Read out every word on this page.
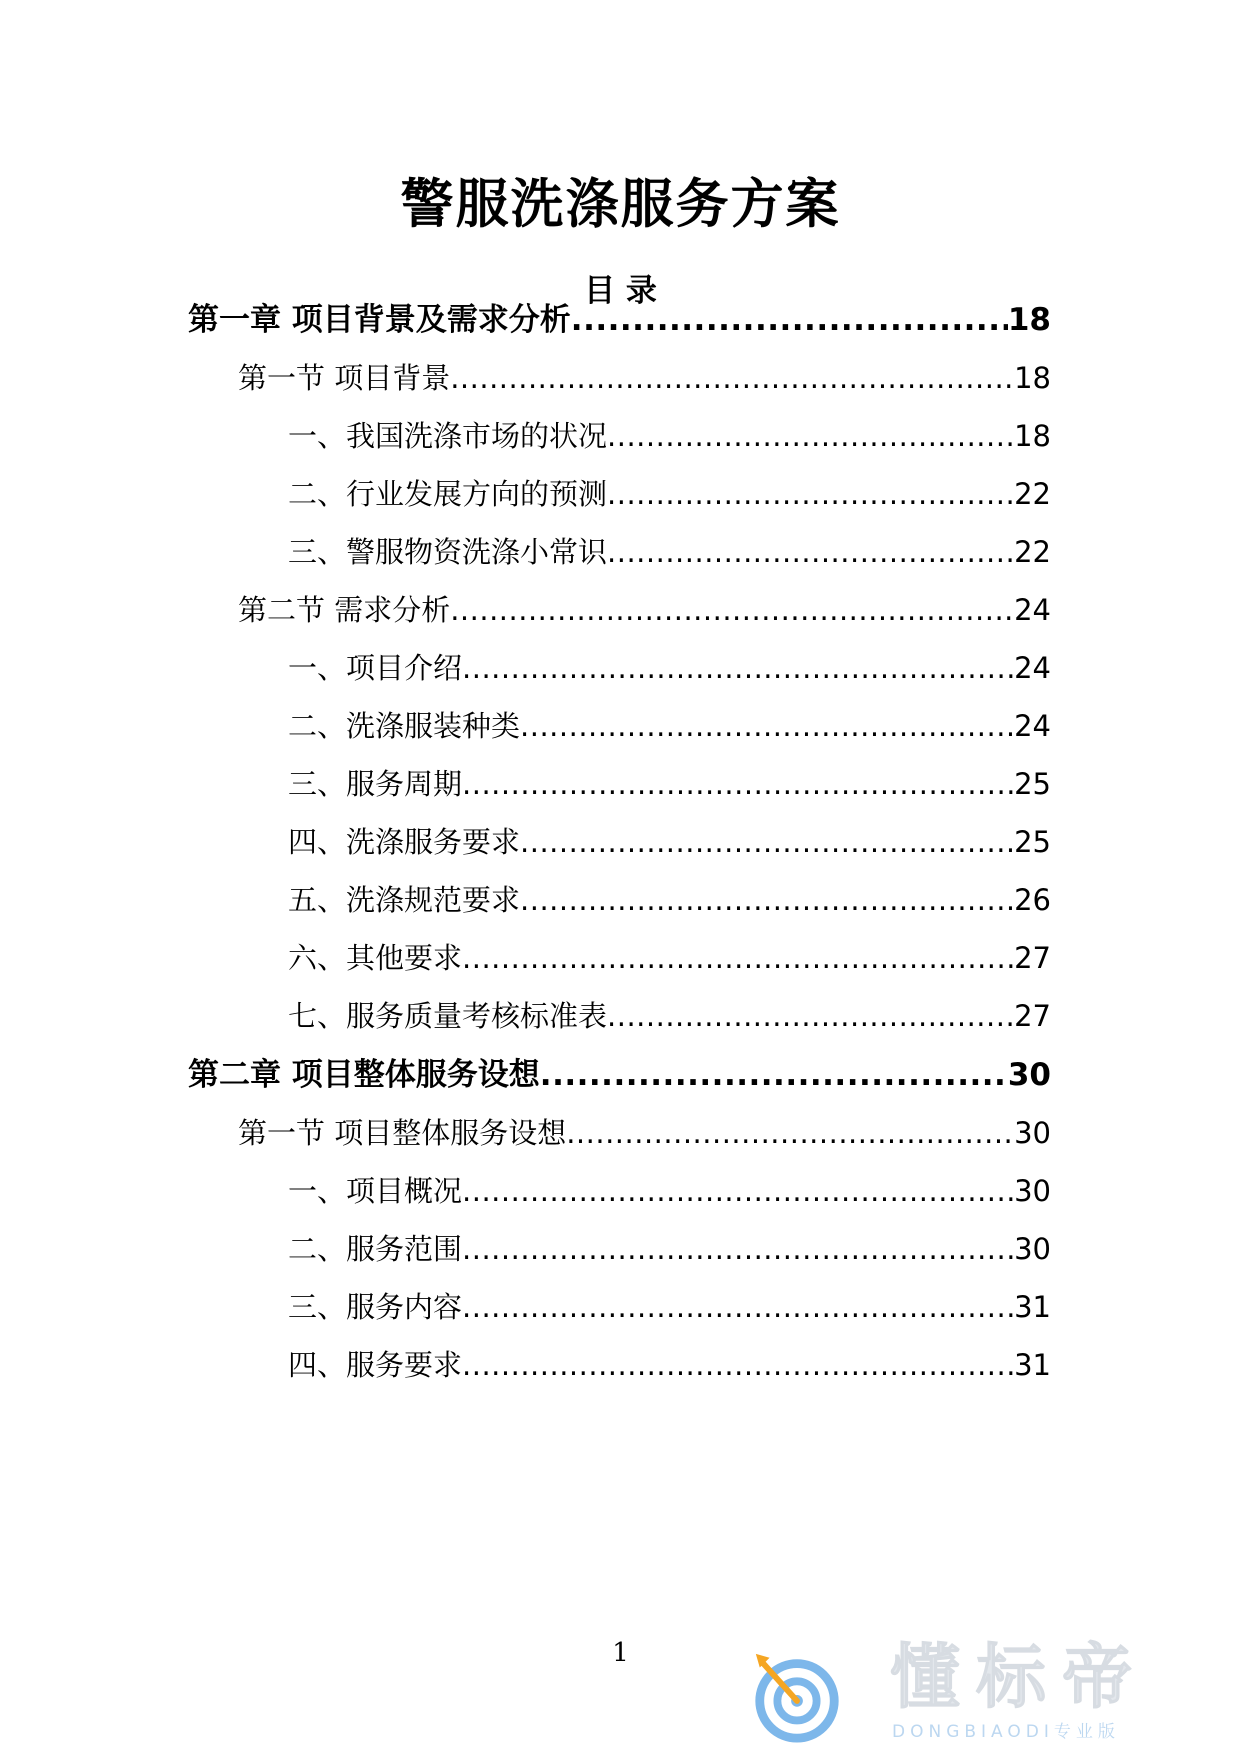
警服洗涤服务方案
目 录
第一章 项目背景及需求分析 .....	18
第一节 项目背景 .....	18
一、我国洗涤市场的状况 .....	18
二、行业发展方向的预测 .....	22
三、警服物资洗涤小常识 .....	22
第二节 需求分析 .....	24
一、项目介绍 .....	24
二、洗涤服装种类 .....	24
三、服务周期 .....	25
四、洗涤服务要求 .....	25
五、洗涤规范要求 .....	26
六、其他要求 .....	27
七、服务质量考核标准表 .....	27
第二章 项目整体服务设想 .....	30
第一节 项目整体服务设想 .....	30
一、项目概况 .....	30
二、服务范围 .....	30
三、服务内容 .....	31
四、服务要求 .....	31
1	懂标帝
DONGBIAODI专业版
